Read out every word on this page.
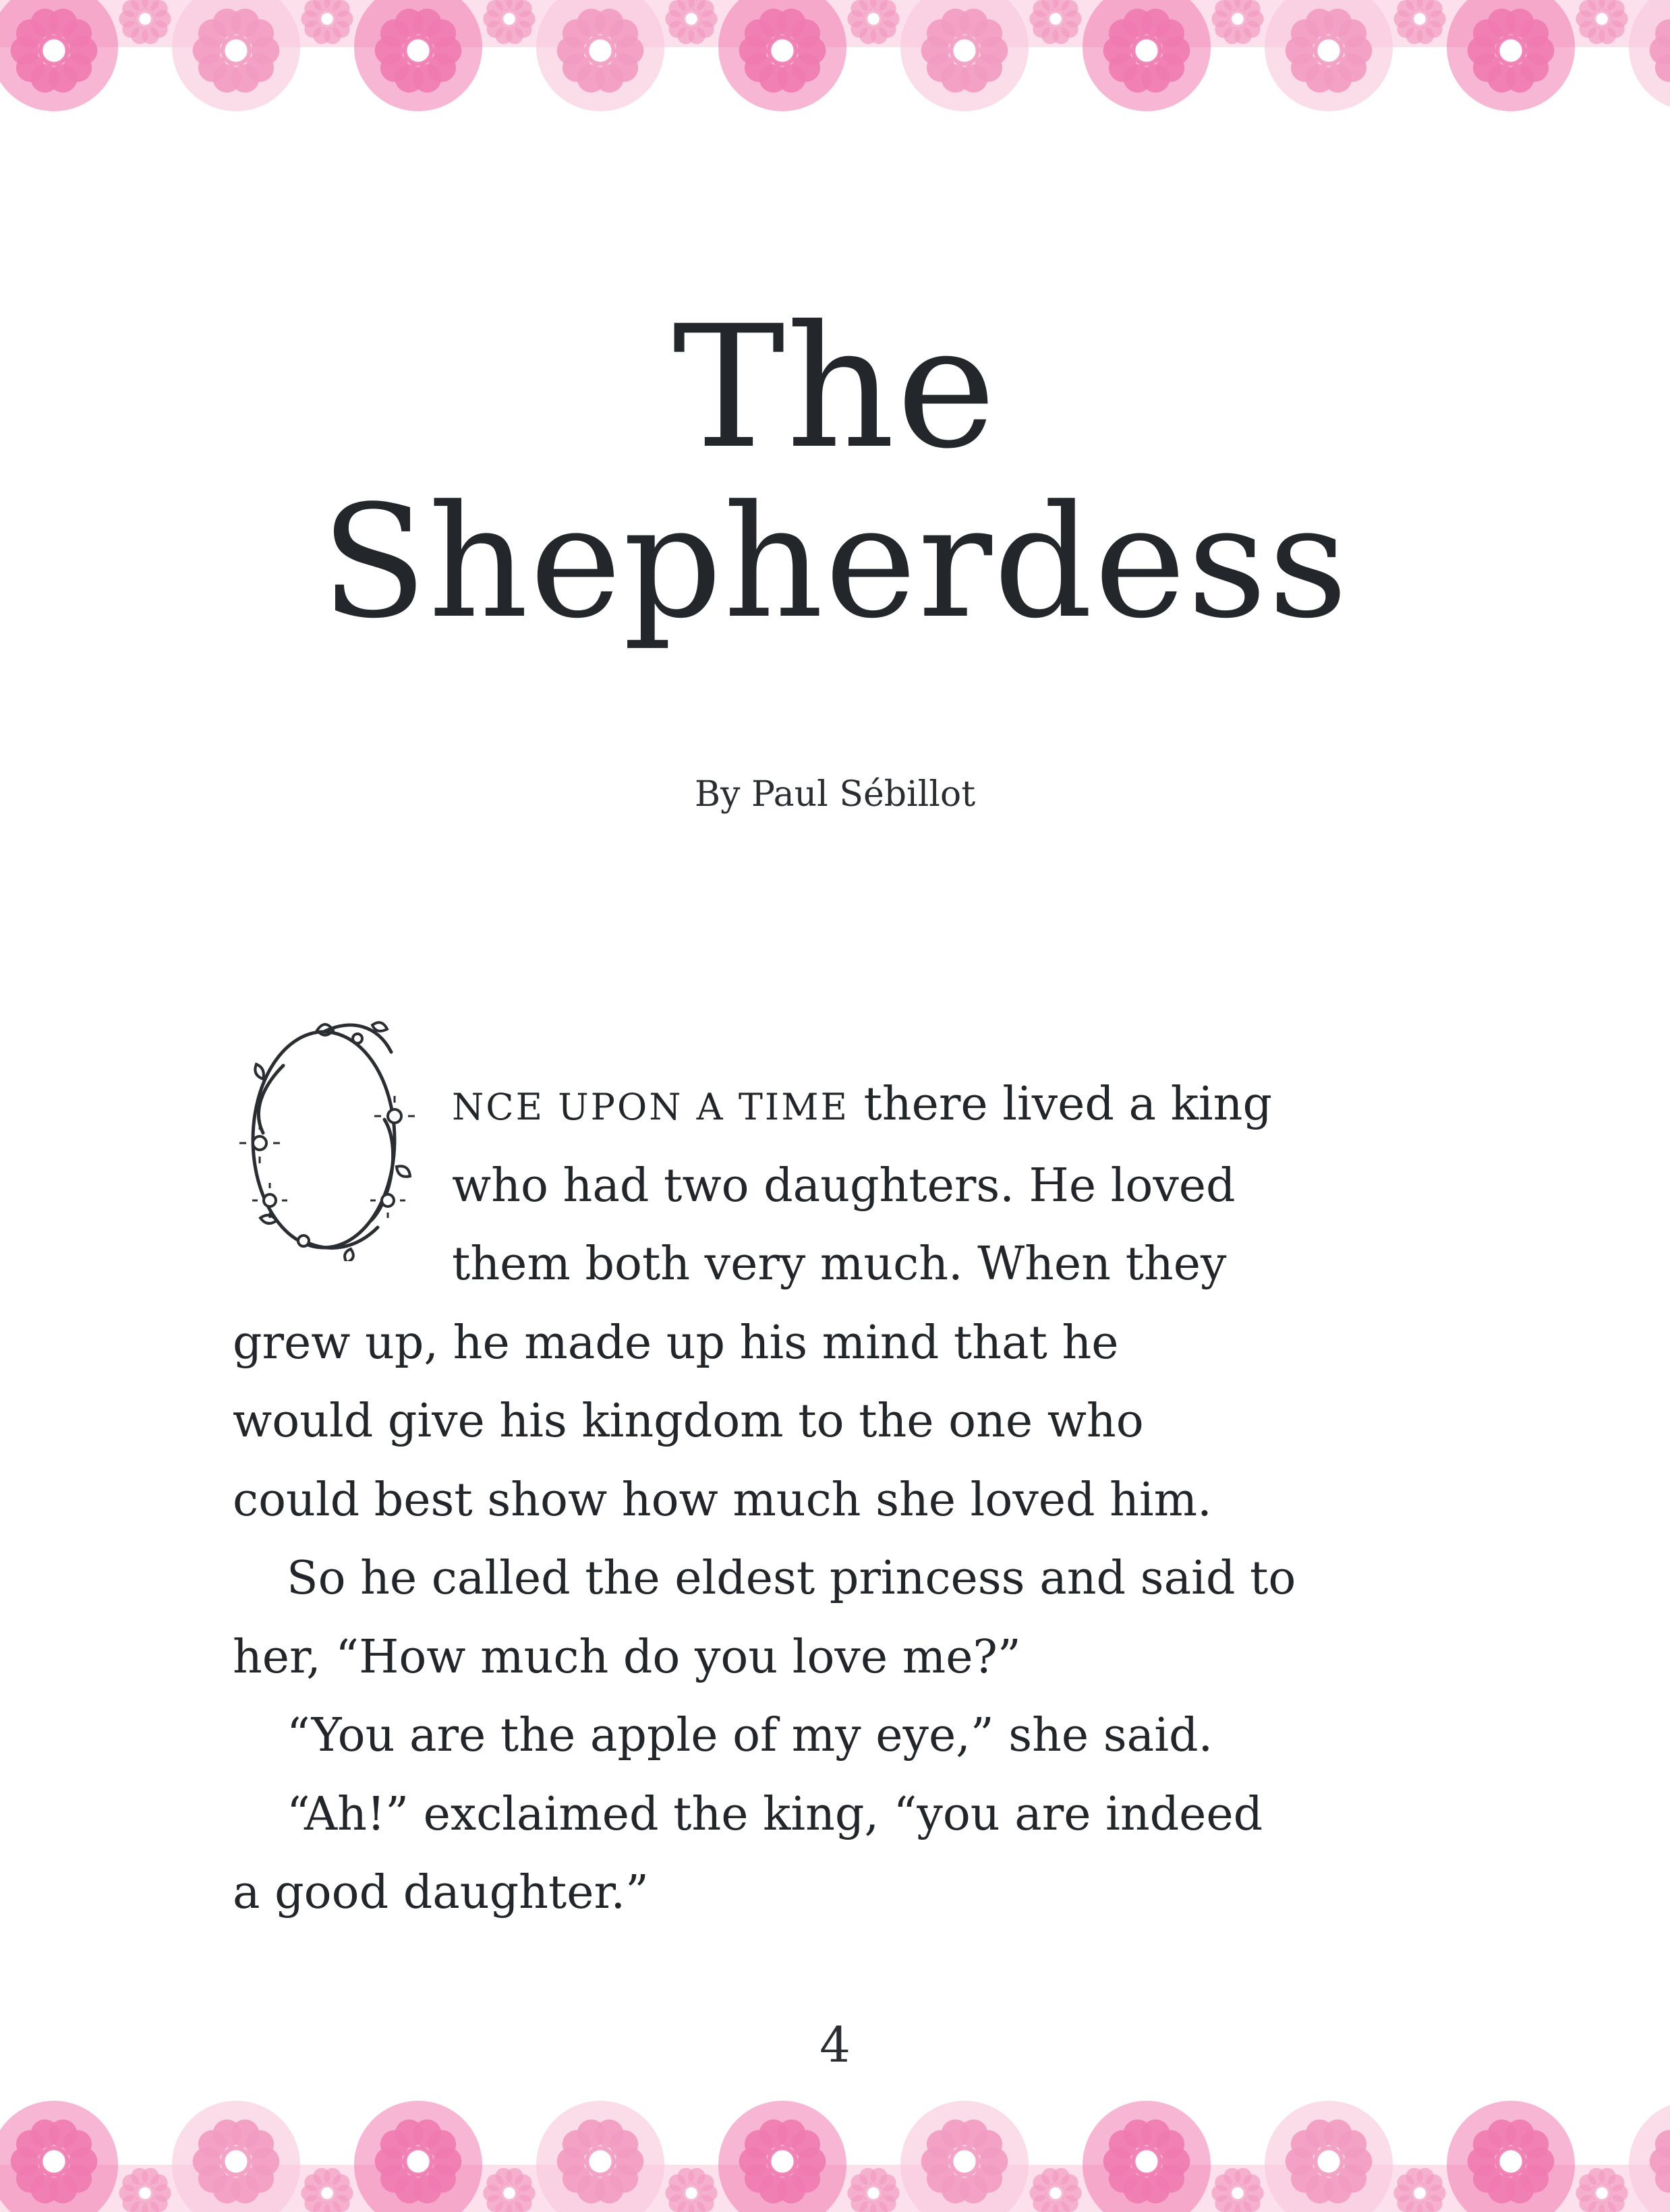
The
Shepherdess
By Paul Sébillot
NCE UPON A TIME there lived a king
who had two daughters. He loved
them both very much. When they
grew up, he made up his mind that he
would give his kingdom to the one who
could best show how much she loved him.
So he called the eldest princess and said to
her, “How much do you love me?”
“You are the apple of my eye,” she said.
“Ah!” exclaimed the king, “you are indeed
a good daughter.”
4
